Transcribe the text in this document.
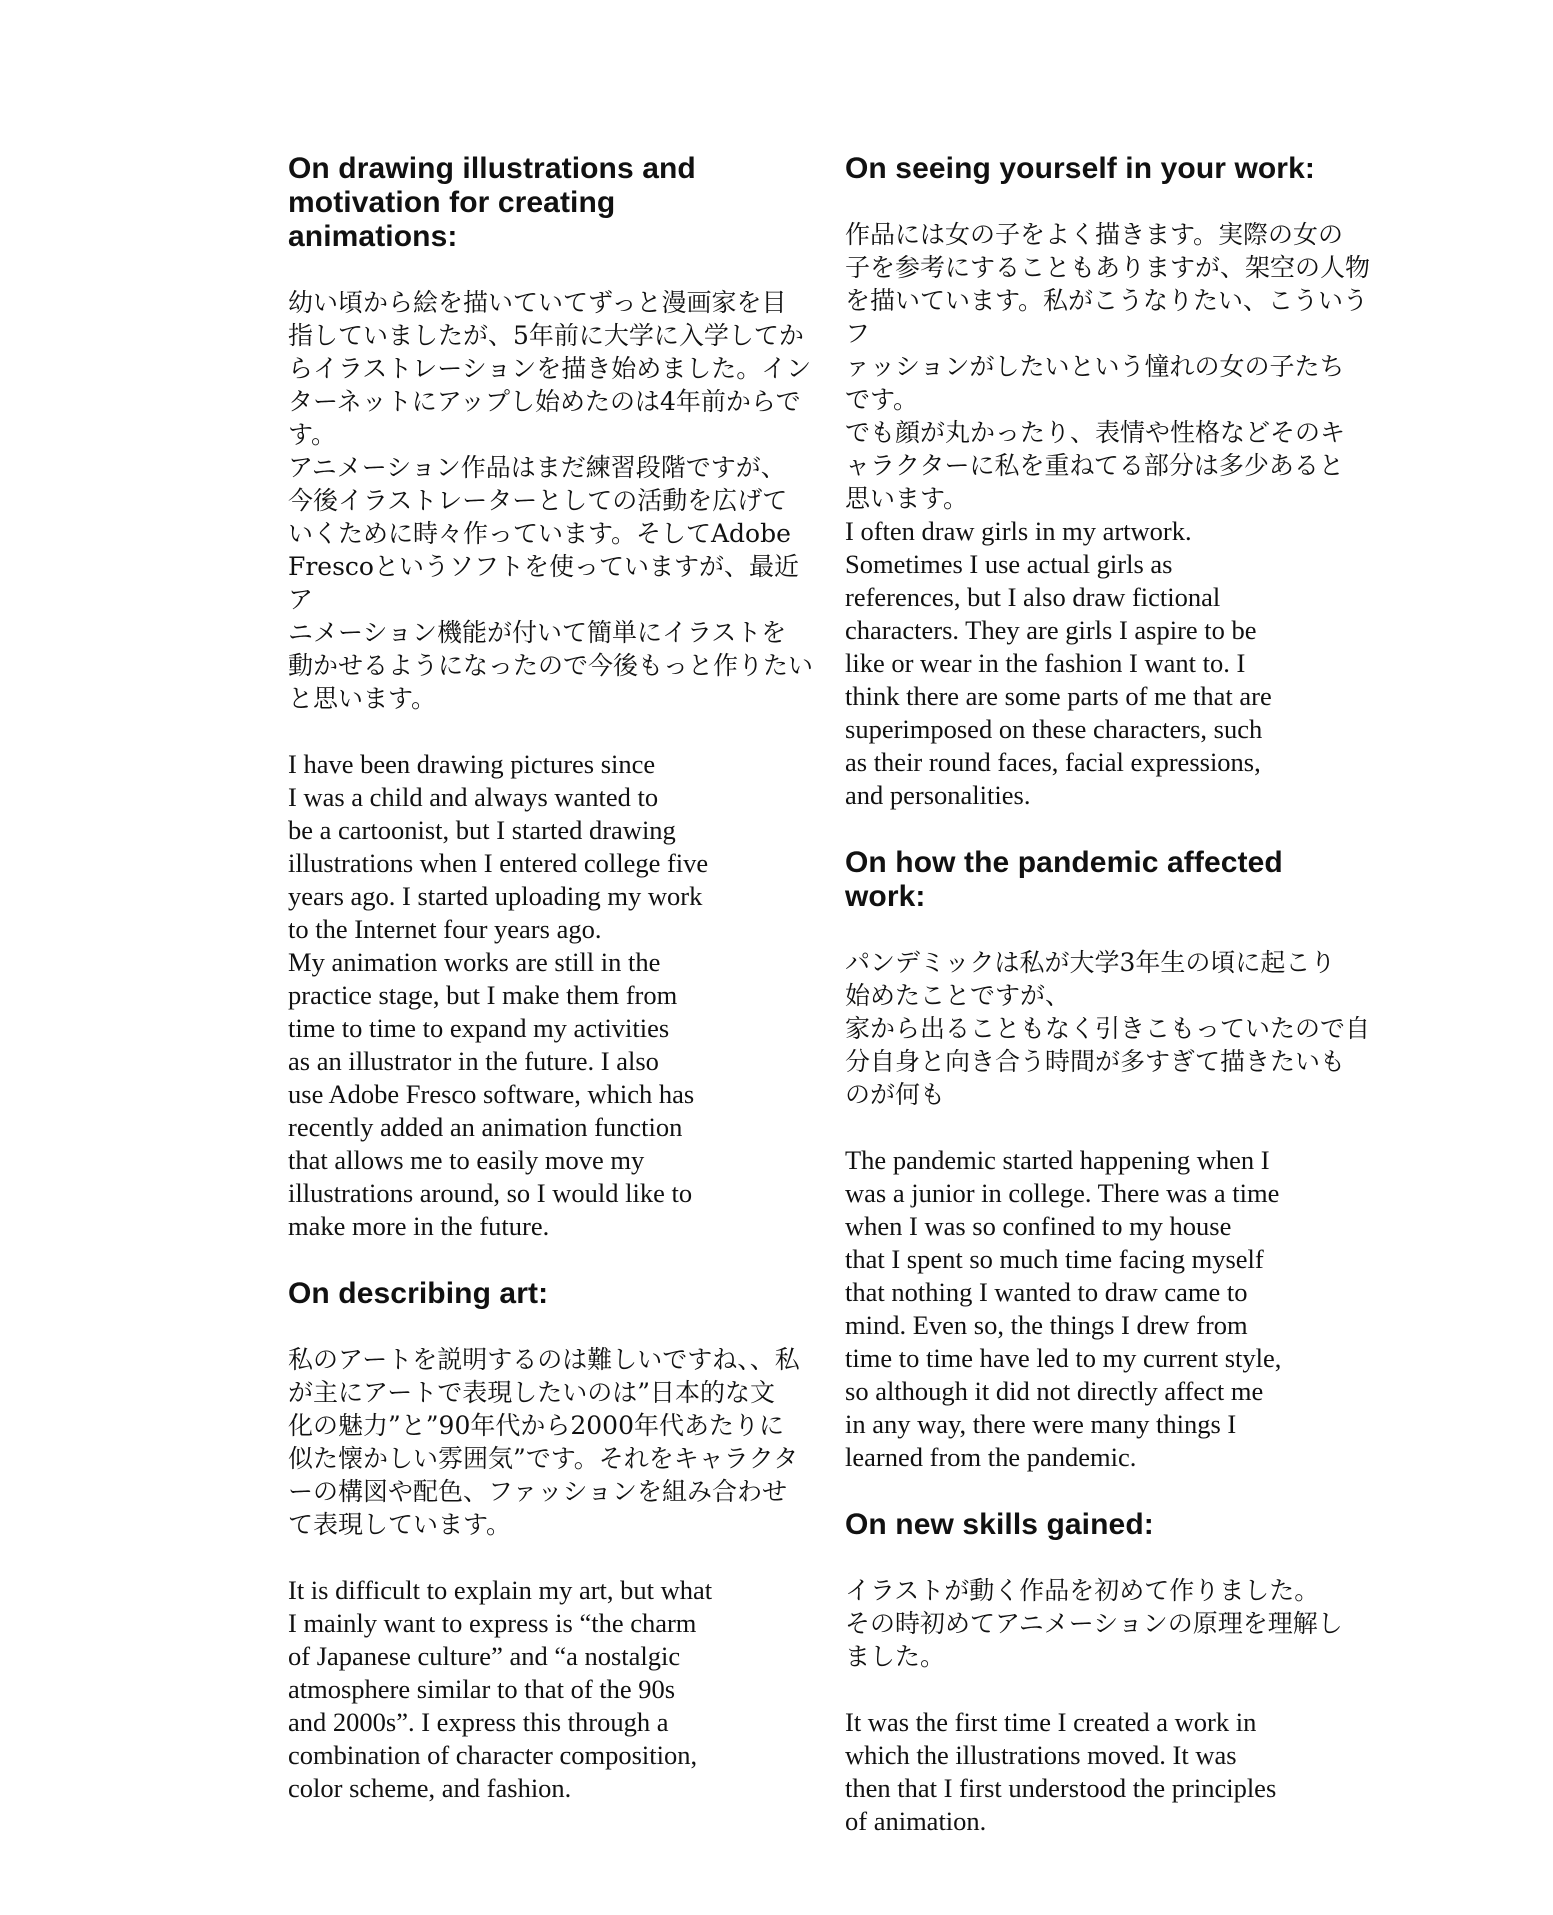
On drawing illustrations and
motivation for creating
animations:

幼い頃から絵を描いていてずっと漫画家を目
指していましたが、5年前に大学に入学してか
らイラストレーションを描き始めました。イン
ターネットにアップし始めたのは4年前からで
す。
アニメーション作品はまだ練習段階ですが、
今後イラストレーターとしての活動を広げて
いくために時々作っています。そしてAdobe
Frescoというソフトを使っていますが、最近ア
ニメーション機能が付いて簡単にイラストを
動かせるようになったので今後もっと作りたい
と思います。

I have been drawing pictures since
I was a child and always wanted to
be a cartoonist, but I started drawing
illustrations when I entered college five
years ago. I started uploading my work
to the Internet four years ago.
My animation works are still in the
practice stage, but I make them from
time to time to expand my activities
as an illustrator in the future. I also
use Adobe Fresco software, which has
recently added an animation function
that allows me to easily move my
illustrations around, so I would like to
make more in the future.

On describing art:

私のアートを説明するのは難しいですね、、私
が主にアートで表現したいのは”日本的な文
化の魅力”と”90年代から2000年代あたりに
似た懐かしい雰囲気”です。それをキャラクタ
ーの構図や配色、ファッションを組み合わせ
て表現しています。

It is difficult to explain my art, but what
I mainly want to express is “the charm
of Japanese culture” and “a nostalgic
atmosphere similar to that of the 90s
and 2000s”. I express this through a
combination of character composition,
color scheme, and fashion.

On seeing yourself in your work:

作品には女の子をよく描きます。実際の女の
子を参考にすることもありますが、架空の人物
を描いています。私がこうなりたい、こういうフ
ァッションがしたいという憧れの女の子たち
です。
でも顔が丸かったり、表情や性格などそのキ
ャラクターに私を重ねてる部分は多少あると
思います。

I often draw girls in my artwork.
Sometimes I use actual girls as
references, but I also draw fictional
characters. They are girls I aspire to be
like or wear in the fashion I want to. I
think there are some parts of me that are
superimposed on these characters, such
as their round faces, facial expressions,
and personalities.

On how the pandemic affected
work:

パンデミックは私が大学3年生の頃に起こり
始めたことですが、
家から出ることもなく引きこもっていたので自
分自身と向き合う時間が多すぎて描きたいも
のが何も

The pandemic started happening when I
was a junior in college. There was a time
when I was so confined to my house
that I spent so much time facing myself
that nothing I wanted to draw came to
mind. Even so, the things I drew from
time to time have led to my current style,
so although it did not directly affect me
in any way, there were many things I
learned from the pandemic.

On new skills gained:

イラストが動く作品を初めて作りました。
その時初めてアニメーションの原理を理解し
ました。

It was the first time I created a work in
which the illustrations moved. It was
then that I first understood the principles
of animation.
